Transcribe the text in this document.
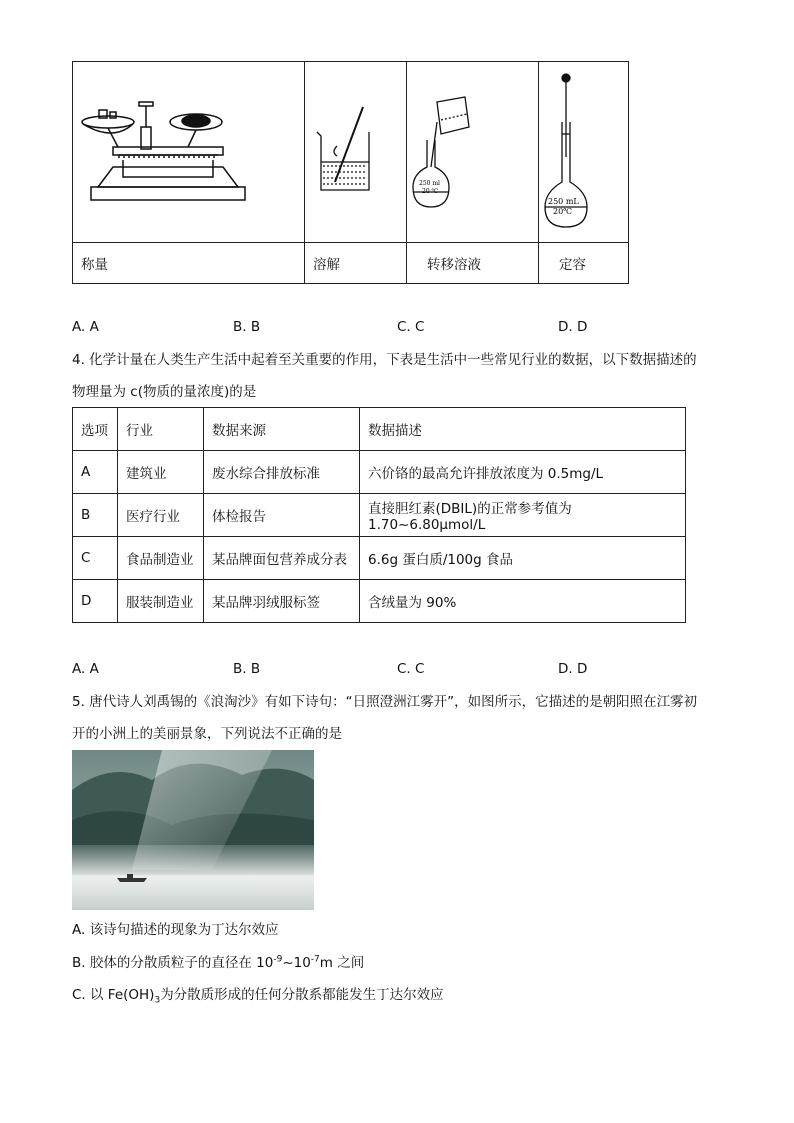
250 ml
20 ℃	250 mL
20℃

称量	溶解	转移溶液	定容
A. A	B. B	C. C	D. D
4. 化学计量在人类生产生活中起着至关重要的作用，下表是生活中一些常见行业的数据，以下数据描述的
物理量为 c(物质的量浓度)的是
选项	行业	数据来源	数据描述
A	建筑业	废水综合排放标准	六价铬的最高允许排放浓度为 0.5mg/L
B	医疗行业	体检报告	直接胆红素(DBIL)的正常参考值为 1.70~6.80μmol/L
C	食品制造业	某品牌面包营养成分表	6.6g 蛋白质/100g 食品
D	服装制造业	某品牌羽绒服标签	含绒量为 90%
A. A	B. B	C. C	D. D
5. 唐代诗人刘禹锡的《浪淘沙》有如下诗句：“日照澄洲江雾开”，如图所示，它描述的是朝阳照在江雾初
开的小洲上的美丽景象，下列说法不正确的是
A. 该诗句描述的现象为丁达尔效应
B. 胶体的分散质粒子的直径在 $10^{-9}\sim 10^{-7}m$ 之间
C. 以 $Fe(OH)_3$为分散质形成的任何分散系都能发生丁达尔效应
